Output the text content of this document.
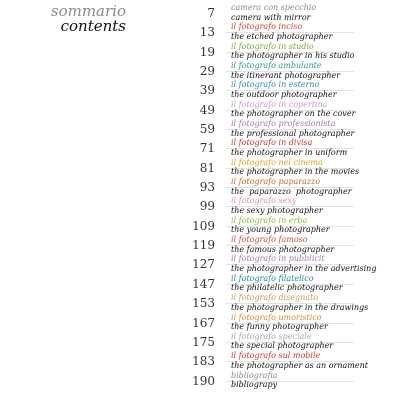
sommario
contents
7 camera con specchio
camera with mirror
13 il fotografo inciso
the etched photographer
19 il fotografo in studio
the photographer in his studio
29 il fotografo ambulante
the itinerant photographer
39 il fotografo in esterno
the outdoor photographer
49 il fotografo in copertina
the photographer on the cover
59 il fotografo professionista
the professional photographer
71 il fotografo in divisa
the photographer in uniform
81 il fotografo nel cinema
the photographer in the movies
93 il fotografo paparazzo
the  paparazzo  photographer
99 il fotografo sexy
the sexy photographer
109 il fotografo in erba
the young photographer
119 il fotografo famoso
the famous photographer
127 il fotografo in pubblicit
the photographer in the advertising
147 il fotografo filatelico
the philatelic photographer
153 il fotografo disegnato
the photographer in the drawings
167 il fotografo umoristico
the funny photographer
175 il fotografo speciale
the special photographer
183 il fotografo sul mobile
the photographer as an ornament
190 bibliografia
bibliograpy
